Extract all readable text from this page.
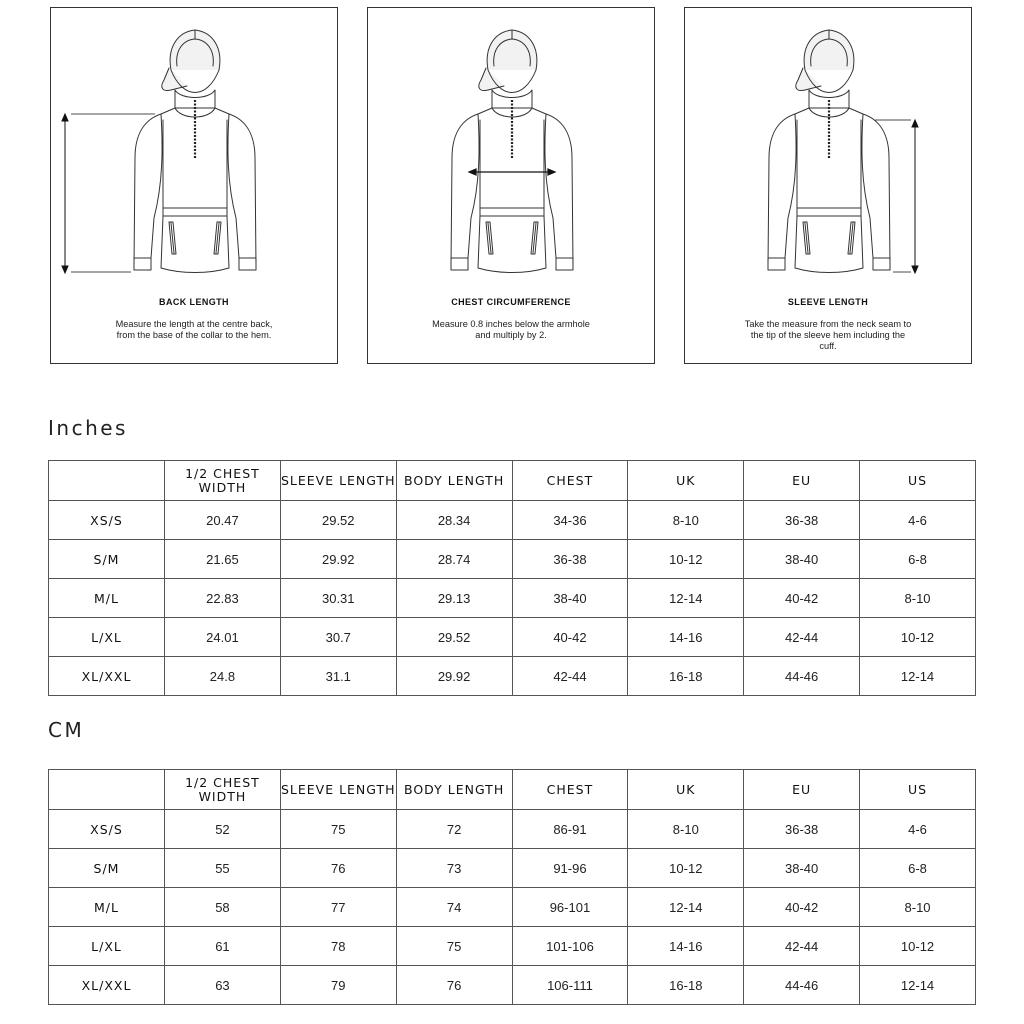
BACK LENGTH
Measure the length at the centre back, from the base of the collar to the hem.
CHEST CIRCUMFERENCE
Measure 0.8 inches below the armhole and multiply by 2.
SLEEVE LENGTH
Take the measure from the neck seam to the tip of the sleeve hem including the cuff.
Inches
	1/2 CHEST WIDTH	SLEEVE LENGTH	BODY LENGTH	CHEST	UK	EU	US
XS/S	20.47	29.52	28.34	34-36	8-10	36-38	4-6
S/M	21.65	29.92	28.74	36-38	10-12	38-40	6-8
M/L	22.83	30.31	29.13	38-40	12-14	40-42	8-10
L/XL	24.01	30.7	29.52	40-42	14-16	42-44	10-12
XL/XXL	24.8	31.1	29.92	42-44	16-18	44-46	12-14
CM
	1/2 CHEST WIDTH	SLEEVE LENGTH	BODY LENGTH	CHEST	UK	EU	US
XS/S	52	75	72	86-91	8-10	36-38	4-6
S/M	55	76	73	91-96	10-12	38-40	6-8
M/L	58	77	74	96-101	12-14	40-42	8-10
L/XL	61	78	75	101-106	14-16	42-44	10-12
XL/XXL	63	79	76	106-111	16-18	44-46	12-14
